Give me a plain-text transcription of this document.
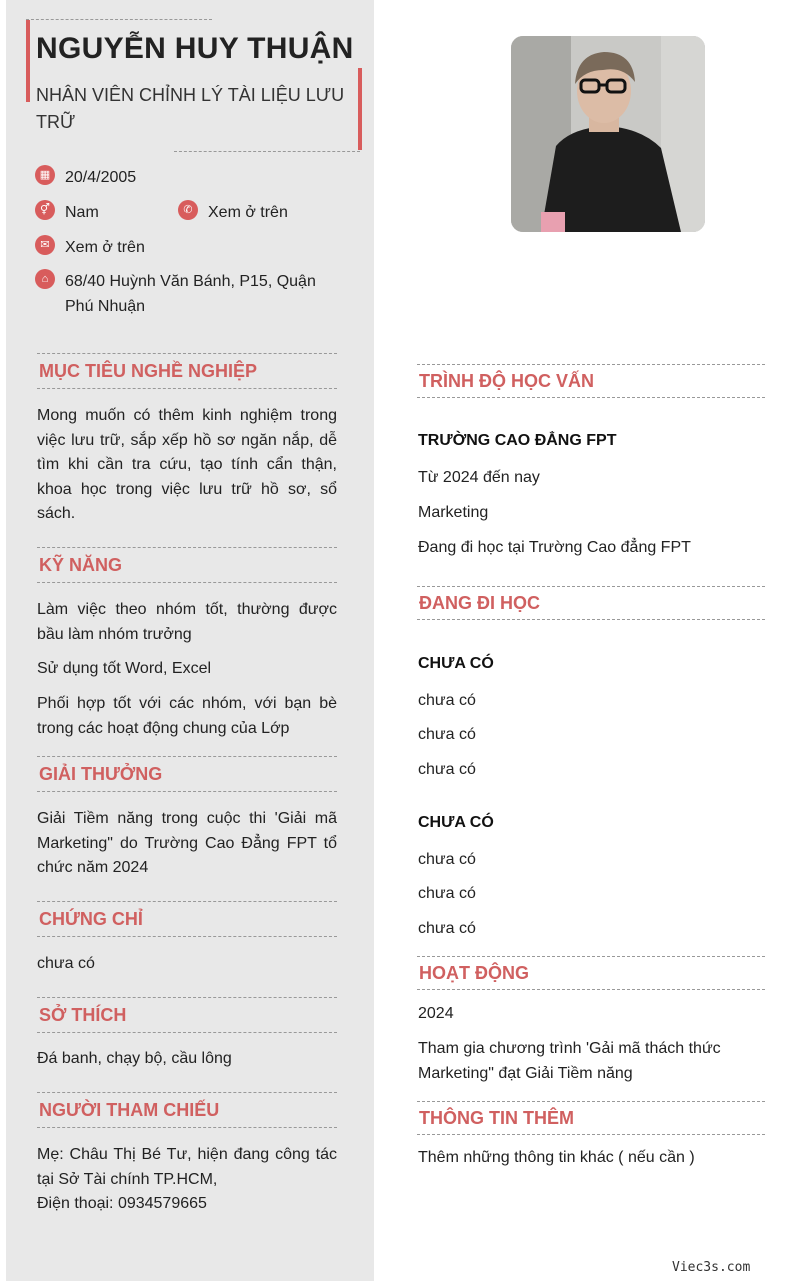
NGUYỄN HUY THUẬN
NHÂN VIÊN CHỈNH LÝ TÀI LIỆU LƯU TRỮ
▦ 20/4/2005
⚥ Nam	✆ Xem ở trên
✉ Xem ở trên
⌂	68/40 Huỳnh Văn Bánh, P15, Quận Phú Nhuận
MỤC TIÊU NGHỀ NGHIỆP
Mong muốn có thêm kinh nghiệm trong việc lưu trữ, sắp xếp hồ sơ ngăn nắp, dễ tìm khi cần tra cứu, tạo tính cẩn thận, khoa học trong việc lưu trữ hồ sơ, sổ sách.
KỸ NĂNG
Làm việc theo nhóm tốt, thường được bầu làm nhóm trưởng
Sử dụng tốt Word, Excel
Phối hợp tốt với các nhóm, với bạn bè trong các hoạt động chung của Lớp
GIẢI THƯỞNG
Giải Tiềm năng trong cuộc thi 'Giải mã Marketing" do Trường Cao Đẳng FPT tổ chức năm 2024
CHỨNG CHỈ
chưa có
SỞ THÍCH
Đá banh, chạy bộ, cầu lông
NGƯỜI THAM CHIẾU
Mẹ: Châu Thị Bé Tư, hiện đang công tác tại Sở Tài chính TP.HCM,
Điện thoại: 0934579665
TRÌNH ĐỘ HỌC VẤN
TRƯỜNG CAO ĐẲNG FPT
Từ 2024 đến nay
Marketing
Đang đi học tại Trường Cao đẳng FPT
ĐANG ĐI HỌC
CHƯA CÓ
chưa có
chưa có
chưa có
CHƯA CÓ
chưa có
chưa có
chưa có
HOẠT ĐỘNG
2024
Tham gia chương trình 'Gải mã thách thức Marketing" đạt Giải Tiềm năng
THÔNG TIN THÊM
Thêm những thông tin khác ( nếu cần )
Viec3s.com
